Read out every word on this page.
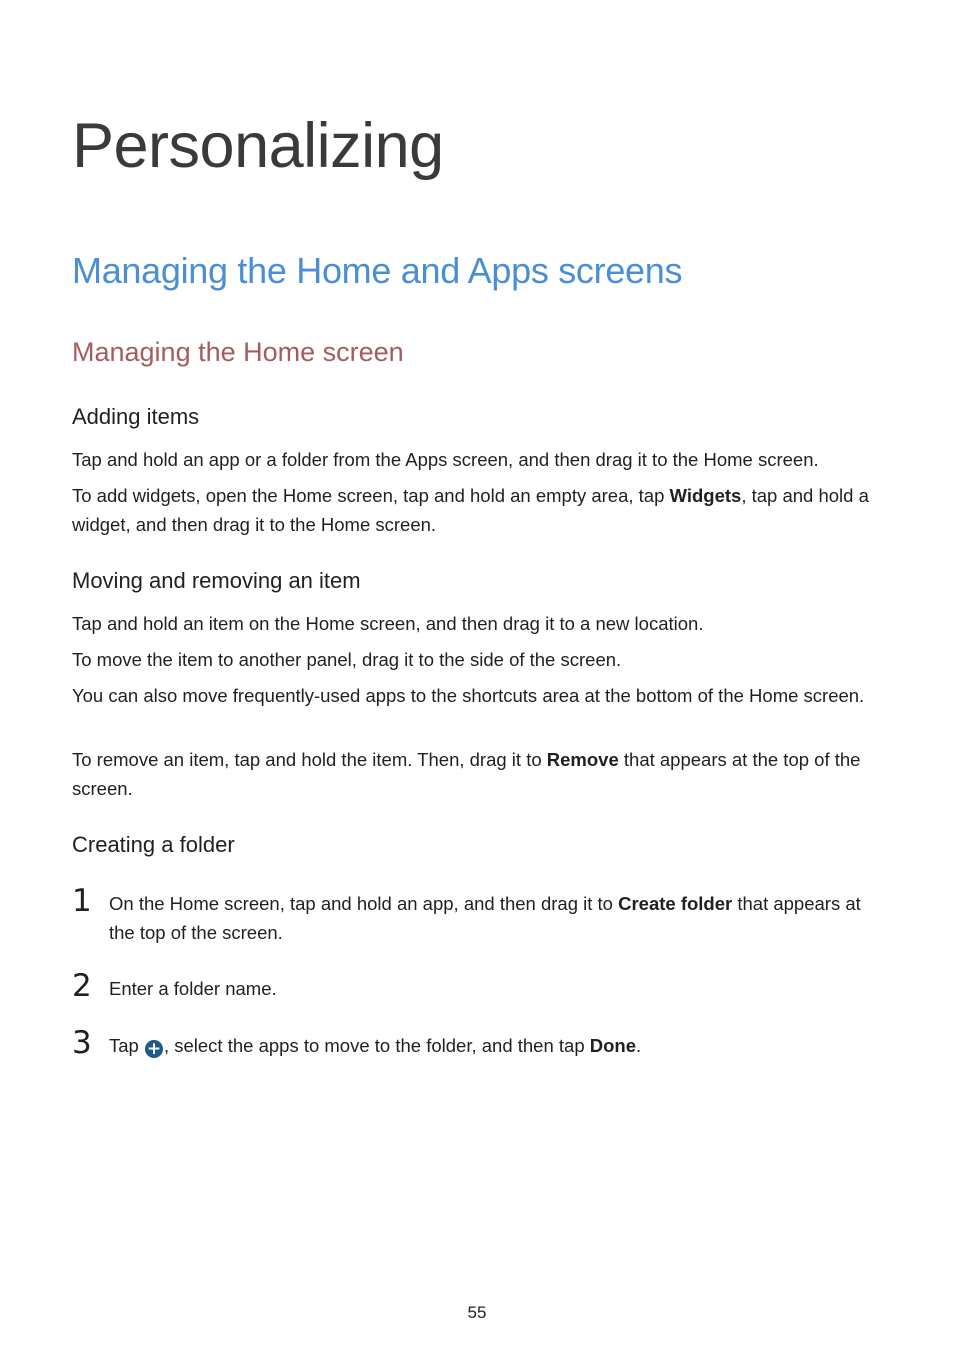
Personalizing
Managing the Home and Apps screens
Managing the Home screen
Adding items

Tap and hold an app or a folder from the Apps screen, and then drag it to the Home screen.

To add widgets, open the Home screen, tap and hold an empty area, tap Widgets, tap and hold a widget, and then drag it to the Home screen.

Moving and removing an item

Tap and hold an item on the Home screen, and then drag it to a new location.

To move the item to another panel, drag it to the side of the screen.

You can also move frequently-used apps to the shortcuts area at the bottom of the Home screen.

To remove an item, tap and hold the item. Then, drag it to Remove that appears at the top of the screen.

Creating a folder
1 On the Home screen, tap and hold an app, and then drag it to Create folder that appears at the top of the screen.

2 Enter a folder name.

3 Tap + , select the apps to move to the folder, and then tap Done.

55
